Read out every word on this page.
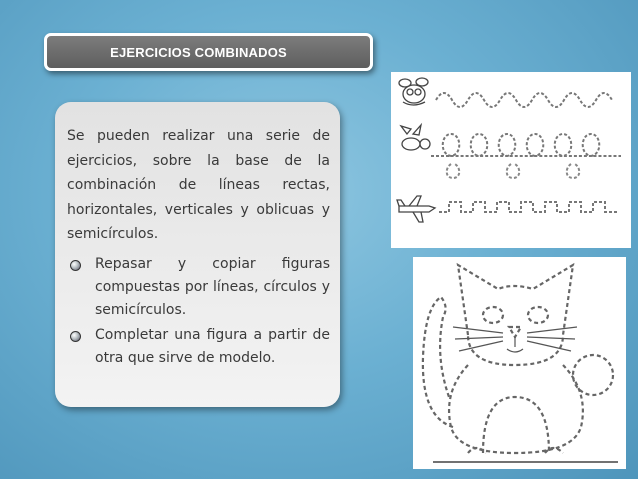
EJERCICIOS COMBINADOS

Se pueden realizar una serie de ejercicios, sobre la base de la combinación de líneas rectas, horizontales, verticales y oblicuas y semicírculos.

Repasar y copiar figuras compuestas por líneas, círculos y semicírculos.
Completar una figura a partir de otra que sirve de modelo.
